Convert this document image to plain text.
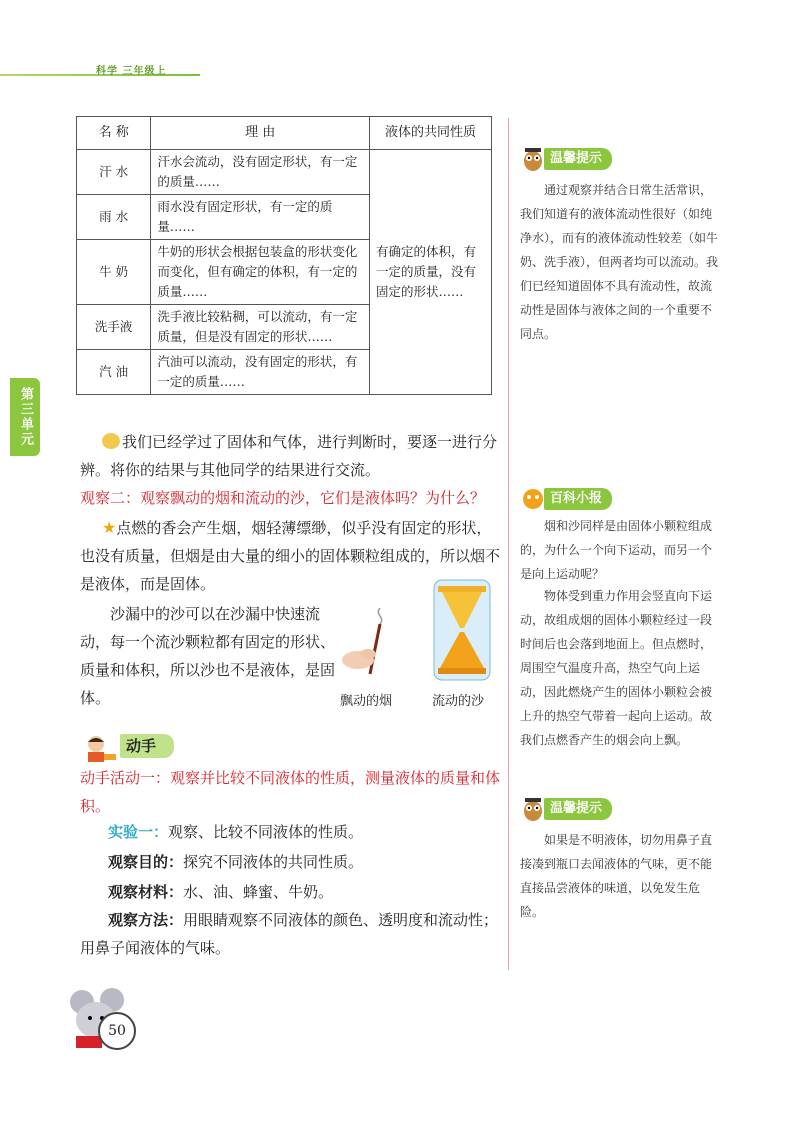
科学 三年级上
第三单元
名 称	理 由	液体的共同性质
汗 水	汗水会流动，没有固定形状，有一定的质量……	有确定的体积，有一定的质量，没有固定的形状……
雨 水	雨水没有固定形状，有一定的质量……	
牛 奶	牛奶的形状会根据包装盒的形状变化而变化，但有确定的体积，有一定的质量……	
洗手液	洗手液比较粘稠，可以流动，有一定质量，但是没有固定的形状……	
汽 油	汽油可以流动，没有固定的形状，有一定的质量……	
我们已经学过了固体和气体，进行判断时，要逐一进行分辨。将你的结果与其他同学的结果进行交流。
观察二：观察飘动的烟和流动的沙，它们是液体吗？为什么？
★点燃的香会产生烟，烟轻薄缥缈，似乎没有固定的形状，也没有质量，但烟是由大量的细小的固体颗粒组成的，所以烟不是液体，而是固体。
沙漏中的沙可以在沙漏中快速流动，每一个流沙颗粒都有固定的形状、质量和体积，所以沙也不是液体，是固体。	飘动的烟	流动的沙
动手
动手活动一：观察并比较不同液体的性质，测量液体的质量和体积。
实验一：观察、比较不同液体的性质。
观察目的：探究不同液体的共同性质。
观察材料：水、油、蜂蜜、牛奶。
观察方法：用眼睛观察不同液体的颜色、透明度和流动性；用鼻子闻液体的气味。
温馨提示
通过观察并结合日常生活常识，我们知道有的液体流动性很好（如纯净水），而有的液体流动性较差（如牛奶、洗手液），但两者均可以流动。我们已经知道固体不具有流动性，故流动性是固体与液体之间的一个重要不同点。
百科小报
烟和沙同样是由固体小颗粒组成的，为什么一个向下运动，而另一个是向上运动呢？
物体受到重力作用会竖直向下运动，故组成烟的固体小颗粒经过一段时间后也会落到地面上。但点燃时，周围空气温度升高，热空气向上运动，因此燃烧产生的固体小颗粒会被上升的热空气带着一起向上运动。故我们点燃香产生的烟会向上飘。
温馨提示
如果是不明液体，切勿用鼻子直接凑到瓶口去闻液体的气味，更不能直接品尝液体的味道，以免发生危险。
50
